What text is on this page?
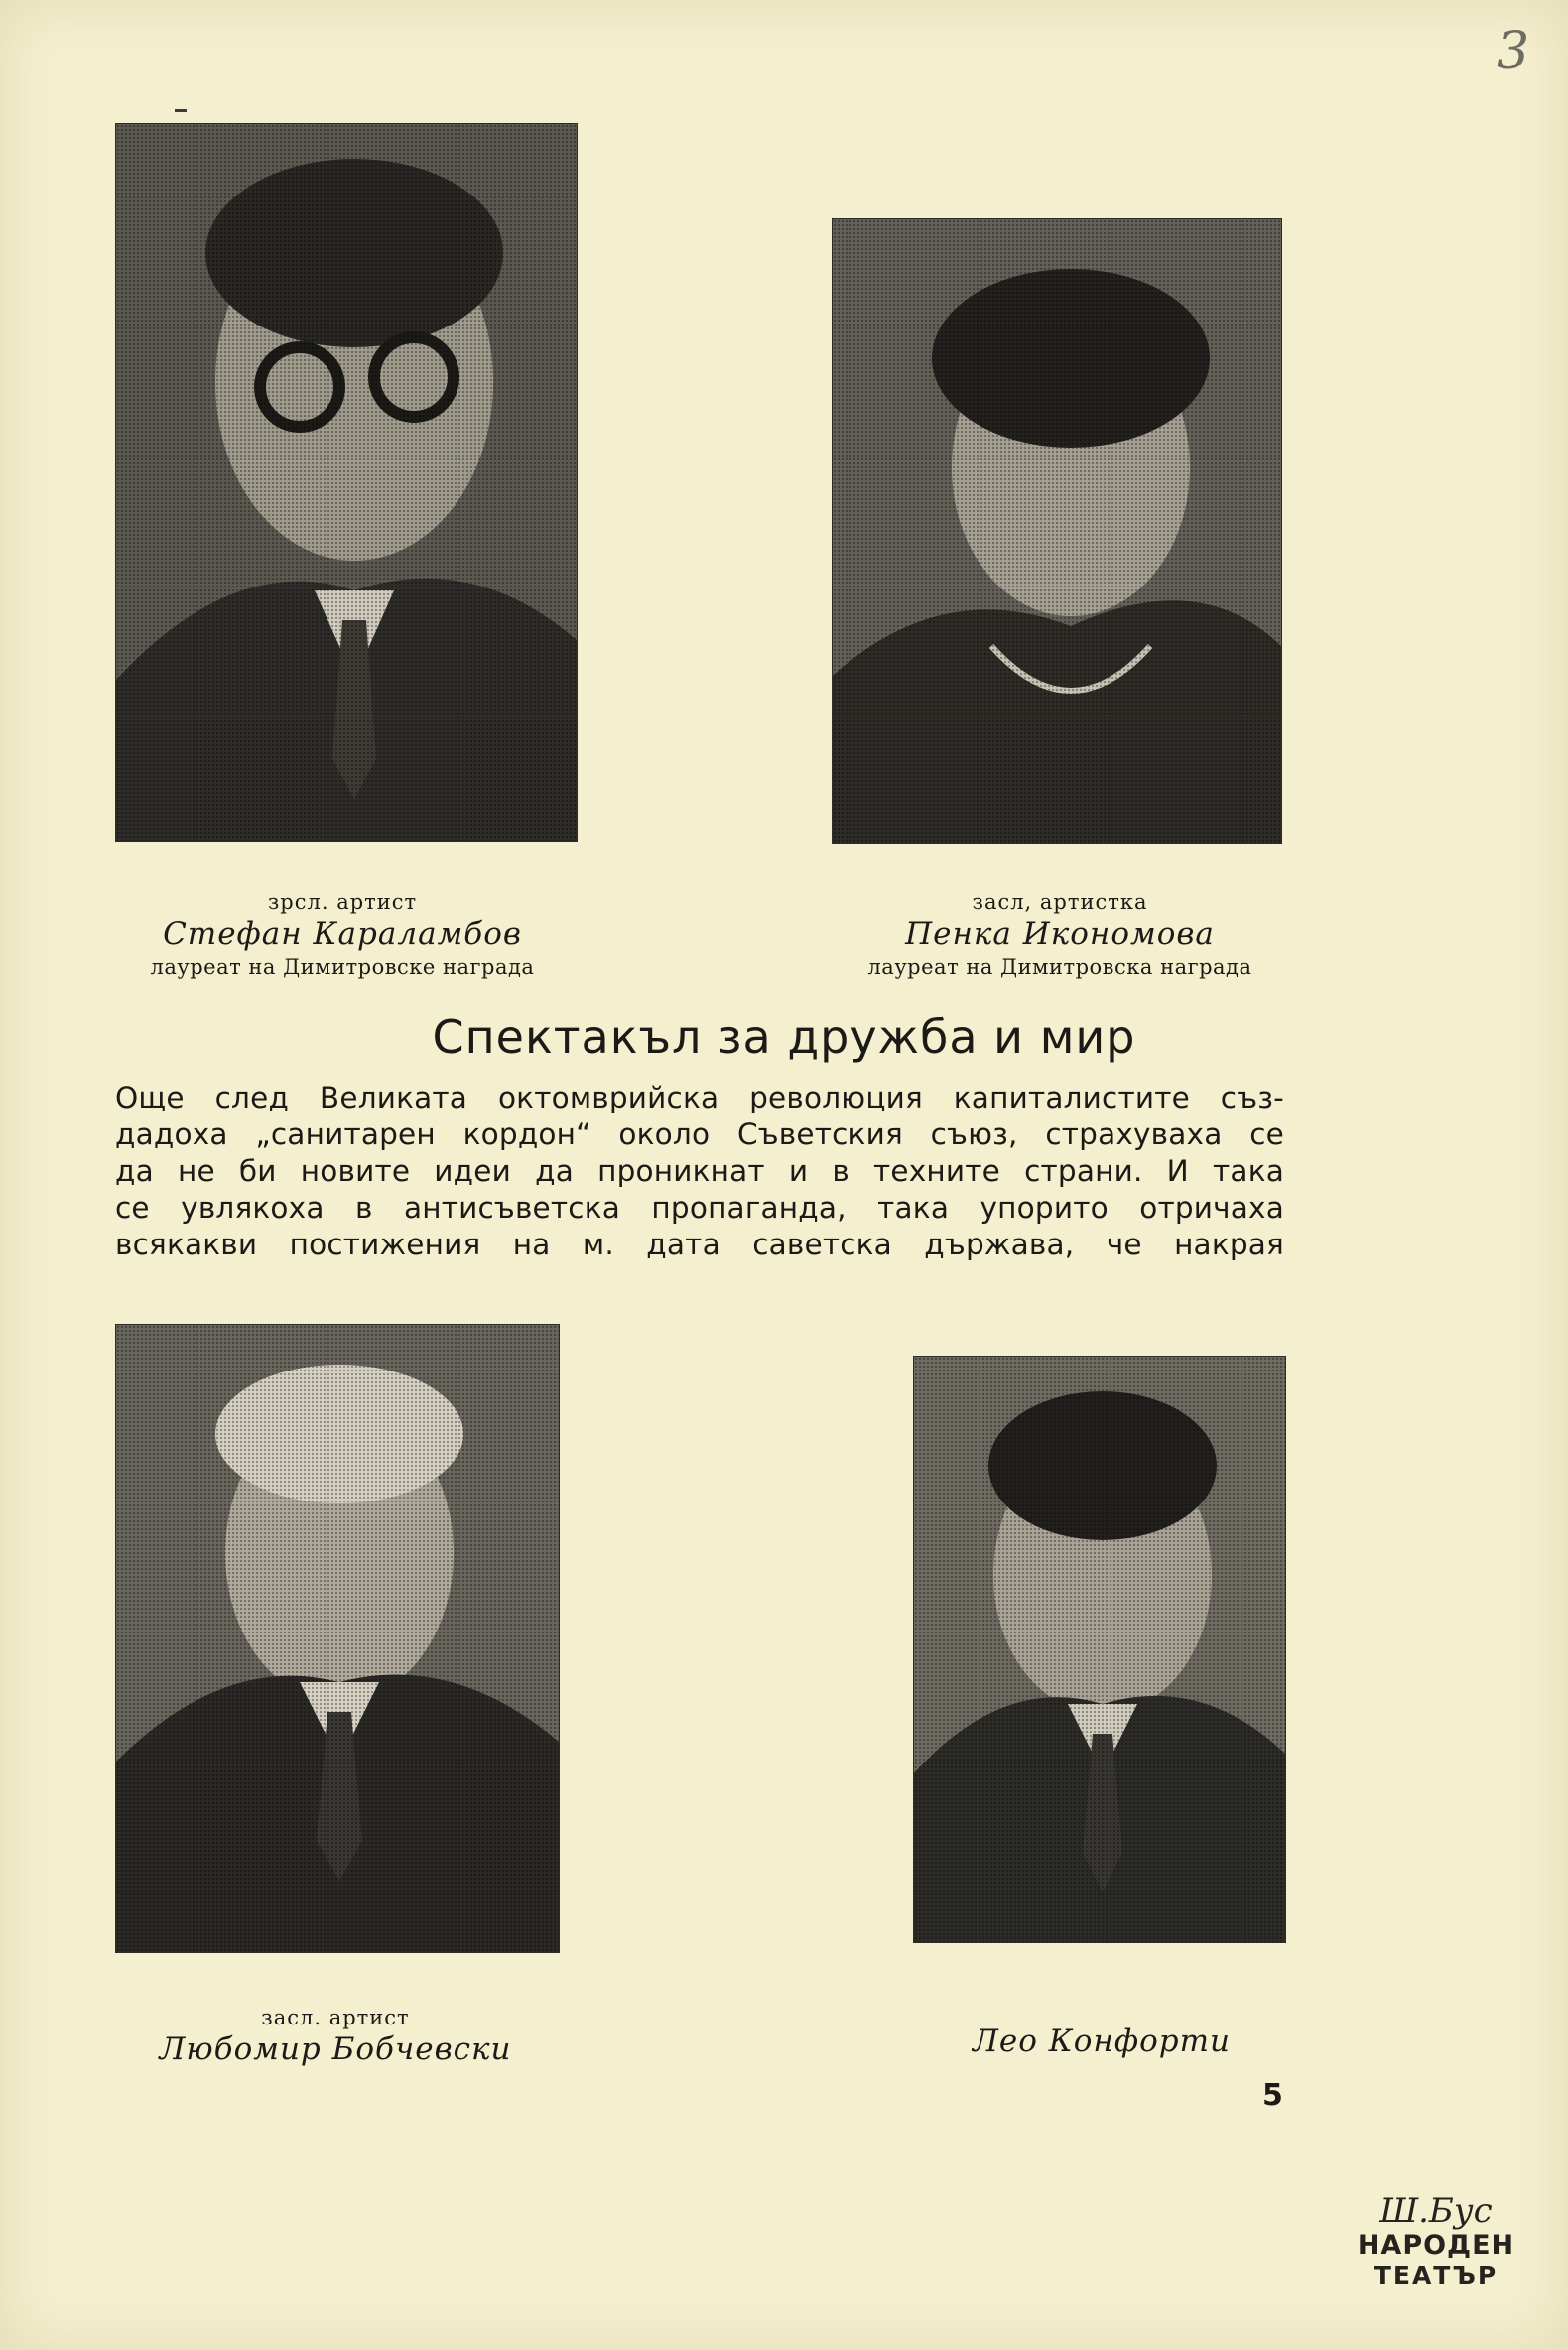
3
зрсл. артист
Стефан Караламбов
лауреат на Димитровске награда
засл, артистка
Пенка Икономова
лауреат на Димитровска награда
Спектакъл за дружба и мир
Още след Великата октомврийска революция капиталистите съз-
дадоха „санитарен кордон“ около Съветския съюз, страхуваха се
да не би новите идеи да проникнат и в техните страни. И така
се увлякоха в антисъветска пропаганда, така упорито отричаха
всякакви постижения на м. дата саветска държава, че накрая
засл. артист
Любомир Бобчевски	Лео Конфорти
5
Ш.Бус
НАРОДЕН
ТЕАТЪР
